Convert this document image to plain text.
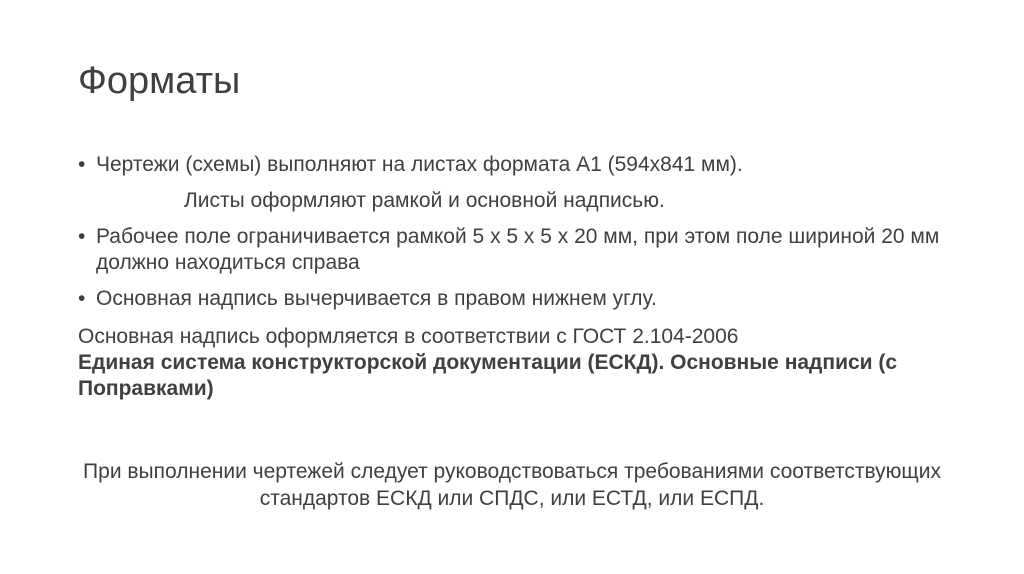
Форматы
• Чертежи (схемы) выполняют на листах формата А1 (594х841 мм).
Листы оформляют рамкой и основной надписью.
• Рабочее поле ограничивается рамкой 5 х 5 х 5 х 20 мм, при этом поле шириной 20 мм должно находиться справа
• Основная надпись вычерчивается в правом нижнем углу.
Основная надпись оформляется в соответствии с ГОСТ 2.104-2006
Единая система конструкторской документации (ЕСКД). Основные надписи (с Поправками)
При выполнении чертежей следует руководствоваться требованиями соответствующих стандартов ЕСКД или СПДС, или ЕСТД, или ЕСПД.
